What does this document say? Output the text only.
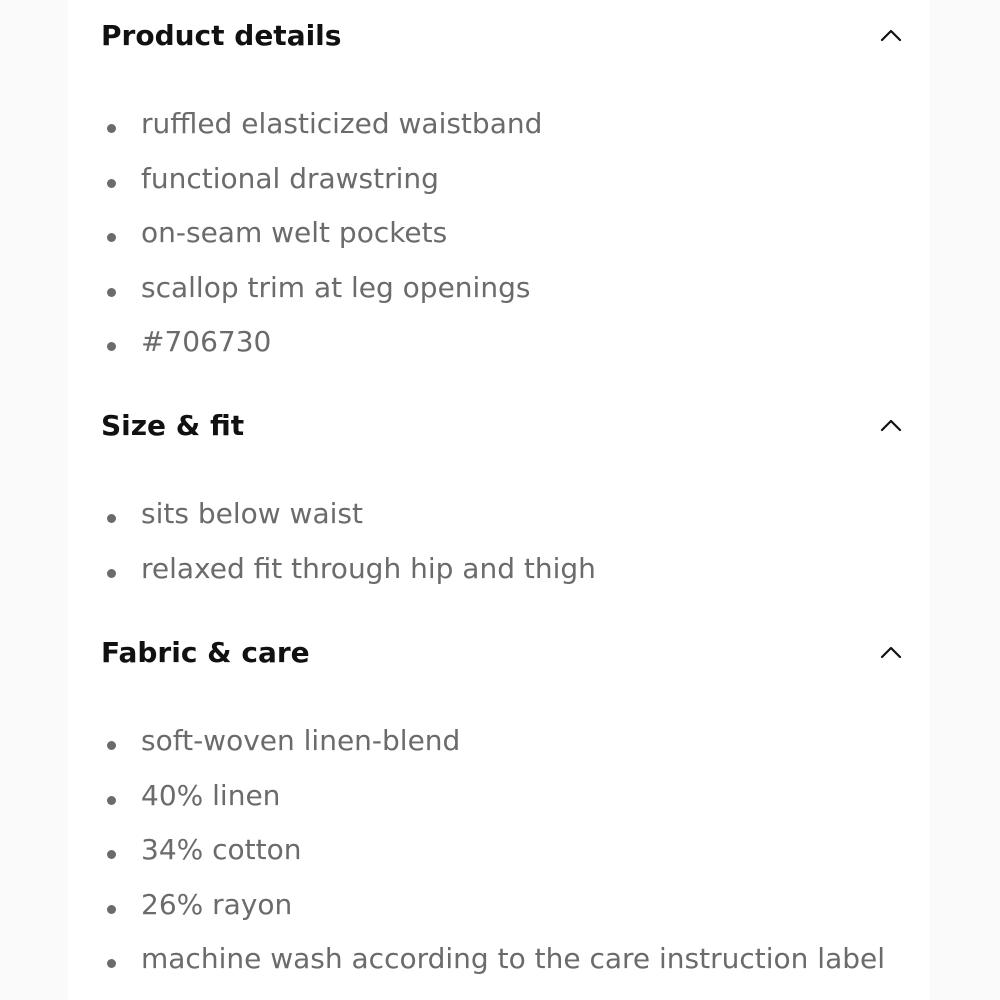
Product details
ruffled elasticized waistband
functional drawstring
on-seam welt pockets
scallop trim at leg openings
#706730
Size & fit
sits below waist
relaxed fit through hip and thigh
Fabric & care
soft-woven linen-blend
40% linen
34% cotton
26% rayon
machine wash according to the care instruction label
